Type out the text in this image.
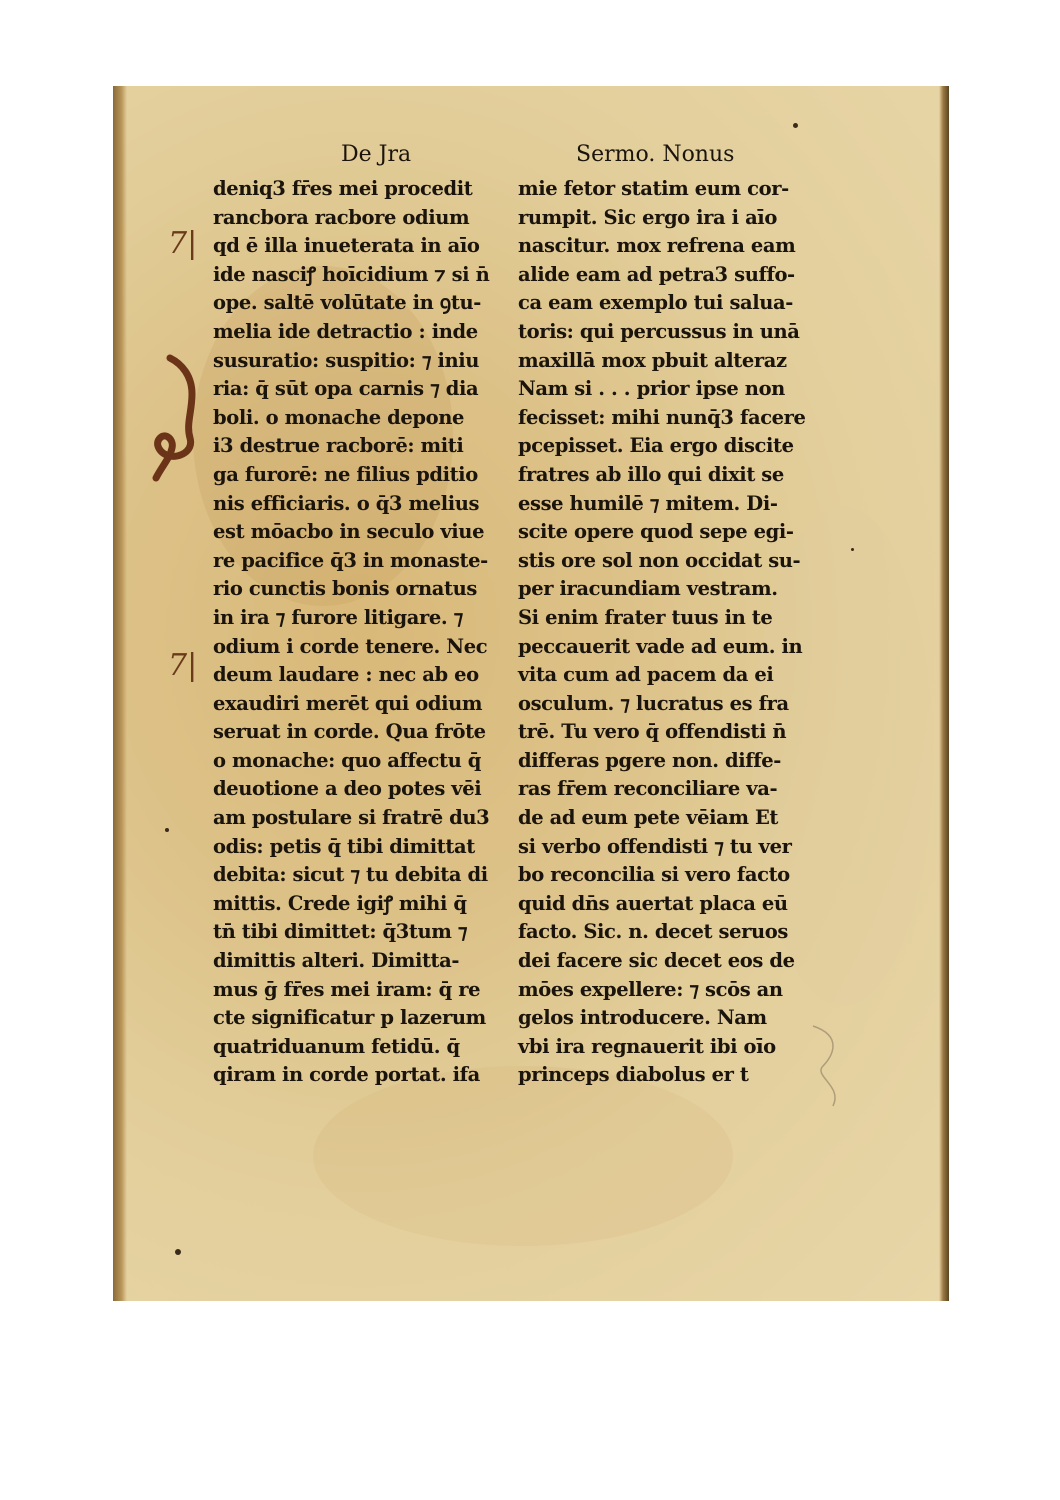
De Jra
deniq3 fr̄es mei procedit
rancbora racbore odium
qd ē illa inueterata in aīo
ide nasciꝭ hoīcidium ⁊ si n̄
ope. saltē volūtate in ꝯtu-
melia ide detractio : inde
susuratio: suspitio: ⁊ iniu
ria: q̄ sūt opa carnis ⁊ dia
boli. o monache depone
i3 destrue racborē: miti
ga furorē: ne filius pditio
nis efficiaris. o q̄3 melius
est mōacbo in seculo viue
re pacifice q̄3 in monaste-
rio cunctis bonis ornatus
in ira ⁊ furore litigare. ⁊
odium i corde tenere. Nec
deum laudare : nec ab eo
exaudiri merēt qui odium
seruat in corde. Qua frōte
o monache: quo affectu q̄
deuotione a deo potes vēi
am postulare si fratrē du3
odis: petis q̄ tibi dimittat
debita: sicut ⁊ tu debita di
mittis. Crede igiꝭ mihi q̄
tn̄ tibi dimittet: q̄3tum ⁊
dimittis alteri. Dimitta-
mus ḡ fr̄es mei iram: q̄ re
cte significatur p lazerum
quatriduanum fetidū. q̄
qiram in corde portat. ifa
Sermo. Nonus
mie fetor statim eum cor-
rumpit. Sic ergo ira i aīo
nascitur. mox refrena eam
alide eam ad petra3 suffo-
ca eam exemplo tui salua-
toris: qui percussus in unā
maxillā mox pbuit alteraz
Nam si . . . prior ipse non
fecisset: mihi nunq̄3 facere
pcepisset. Eia ergo discite
fratres ab illo qui dixit se
esse humilē ⁊ mitem. Di-
scite opere quod sepe egi-
stis ore sol non occidat su-
per iracundiam vestram.
Si enim frater tuus in te
peccauerit vade ad eum. in
vita cum ad pacem da ei
osculum. ⁊ lucratus es fra
trē. Tu vero q̄ offendisti n̄
differas pgere non. diffe-
ras fr̄em reconciliare va-
de ad eum pete vēiam Et
si verbo offendisti ⁊ tu ver
bo reconcilia si vero facto
quid dn̄s auertat placa eū
facto. Sic. n. decet seruos
dei facere sic decet eos de
mōes expellere: ⁊ scōs an
gelos introducere. Nam
vbi ira regnauerit ibi oīo
princeps diabolus er t
7|
7|
